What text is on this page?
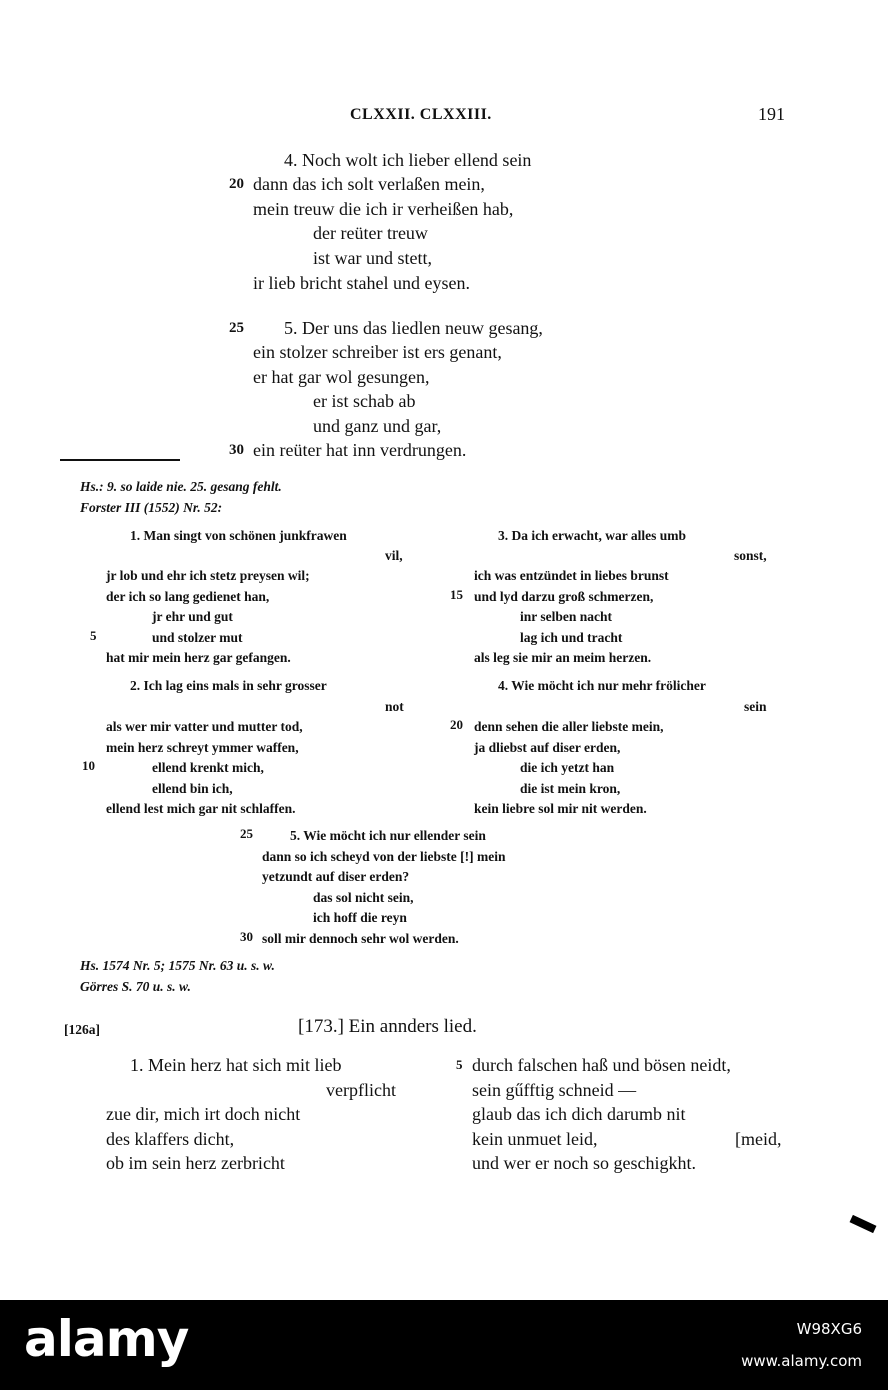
CLXXII. CLXXIII.	191
4. Noch wolt ich lieber ellend sein
20 dann das ich solt verlaßen mein,
mein treuw die ich ir verheißen hab,
der reüter treuw
ist war und stett,
ir lieb bricht stahel und eysen.
25 5. Der uns das liedlen neuw gesang,
ein stolzer schreiber ist ers genant,
er hat gar wol gesungen,
er ist schab ab
und ganz und gar,
30 ein reüter hat inn verdrungen.
Hs.: 9. so laide nie. 25. gesang fehlt.
Forster III (1552) Nr. 52:
1. Man singt von schönen junkfrawen
vil,
jr lob und ehr ich stetz preysen wil;
der ich so lang gedienet han,
jr ehr und gut
5	und stolzer mut
hat mir mein herz gar gefangen.
2. Ich lag eins mals in sehr grosser
not
als wer mir vatter und mutter tod,
mein herz schreyt ymmer waffen,
10	ellend krenkt mich,
ellend bin ich,
ellend lest mich gar nit schlaffen.
3. Da ich erwacht, war alles umb
sonst,
ich was entzündet in liebes brunst
15 und lyd darzu groß schmerzen,
inr selben nacht
lag ich und tracht
als leg sie mir an meim herzen.
4. Wie möcht ich nur mehr frölicher
sein
20 denn sehen die aller liebste mein,
ja dliebst auf diser erden,
die ich yetzt han
die ist mein kron,
kein liebre sol mir nit werden.
25	5. Wie möcht ich nur ellender sein
dann so ich scheyd von der liebste [!] mein
yetzundt auf diser erden?
das sol nicht sein,
ich hoff die reyn
30 soll mir dennoch sehr wol werden.
Hs. 1574 Nr. 5; 1575 Nr. 63 u. s. w.
Görres S. 70 u. s. w.
[126a]	[173.] Ein annders lied.
1. Mein herz hat sich mit lieb
verpflicht
zue dir, mich irt doch nicht
des klaffers dicht,
ob im sein herz zerbricht
5 durch falschen haß und bösen neidt,
sein gűfftig schneid —
glaub das ich dich darumb nit
kein unmuet leid,	[meid,
und wer er noch so geschigkht.
alamy	W98XG6
www.alamy.com
